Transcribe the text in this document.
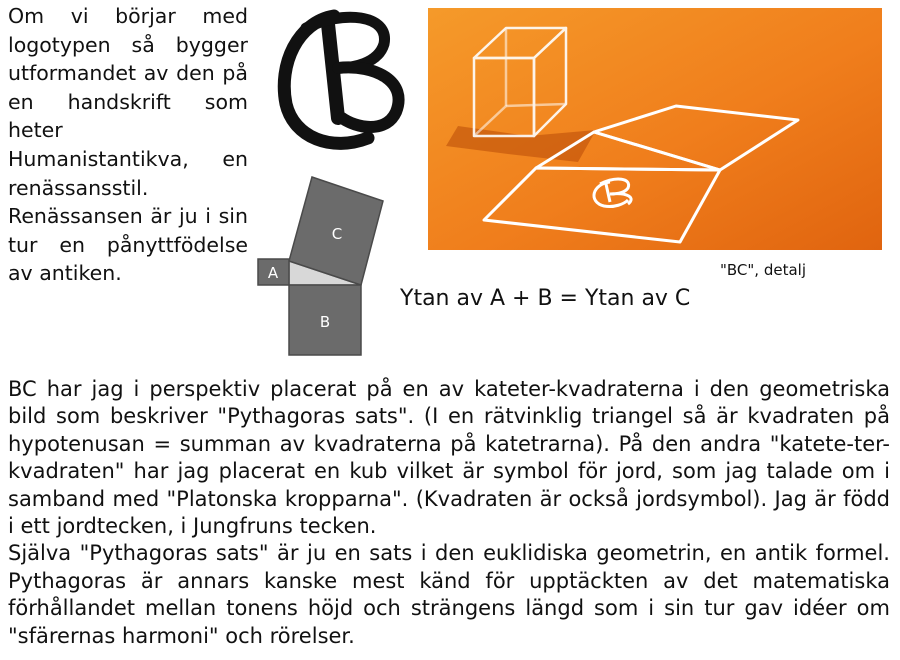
Om vi börjar med logotypen så bygger utformandet av den på en handskrift som heter Humanistantikva, en renässansstil. Renässansen är ju i sin tur en pånyttfödelse av antiken.	"BC", detalj

C
A
B

Ytan av A + B = Ytan av C

BC har jag i perspektiv placerat på en av kateter-kvadraterna i den geometriska bild som beskriver "Pythagoras sats". (I en rätvinklig triangel så är kvadraten på hypotenusan = summan av kvadraterna på katetrarna). På den andra "katete-ter-kvadraten" har jag placerat en kub vilket är symbol för jord, som jag talade om i samband med "Platonska kropparna". (Kvadraten är också jordsymbol). Jag är född i ett jordtecken, i Jungfruns tecken.

Själva "Pythagoras sats" är ju en sats i den euklidiska geometrin, en antik formel. Pythagoras är annars kanske mest känd för upptäckten av det matematiska förhållandet mellan tonens höjd och strängens längd som i sin tur gav idéer om "sfärernas harmoni" och rörelser.
